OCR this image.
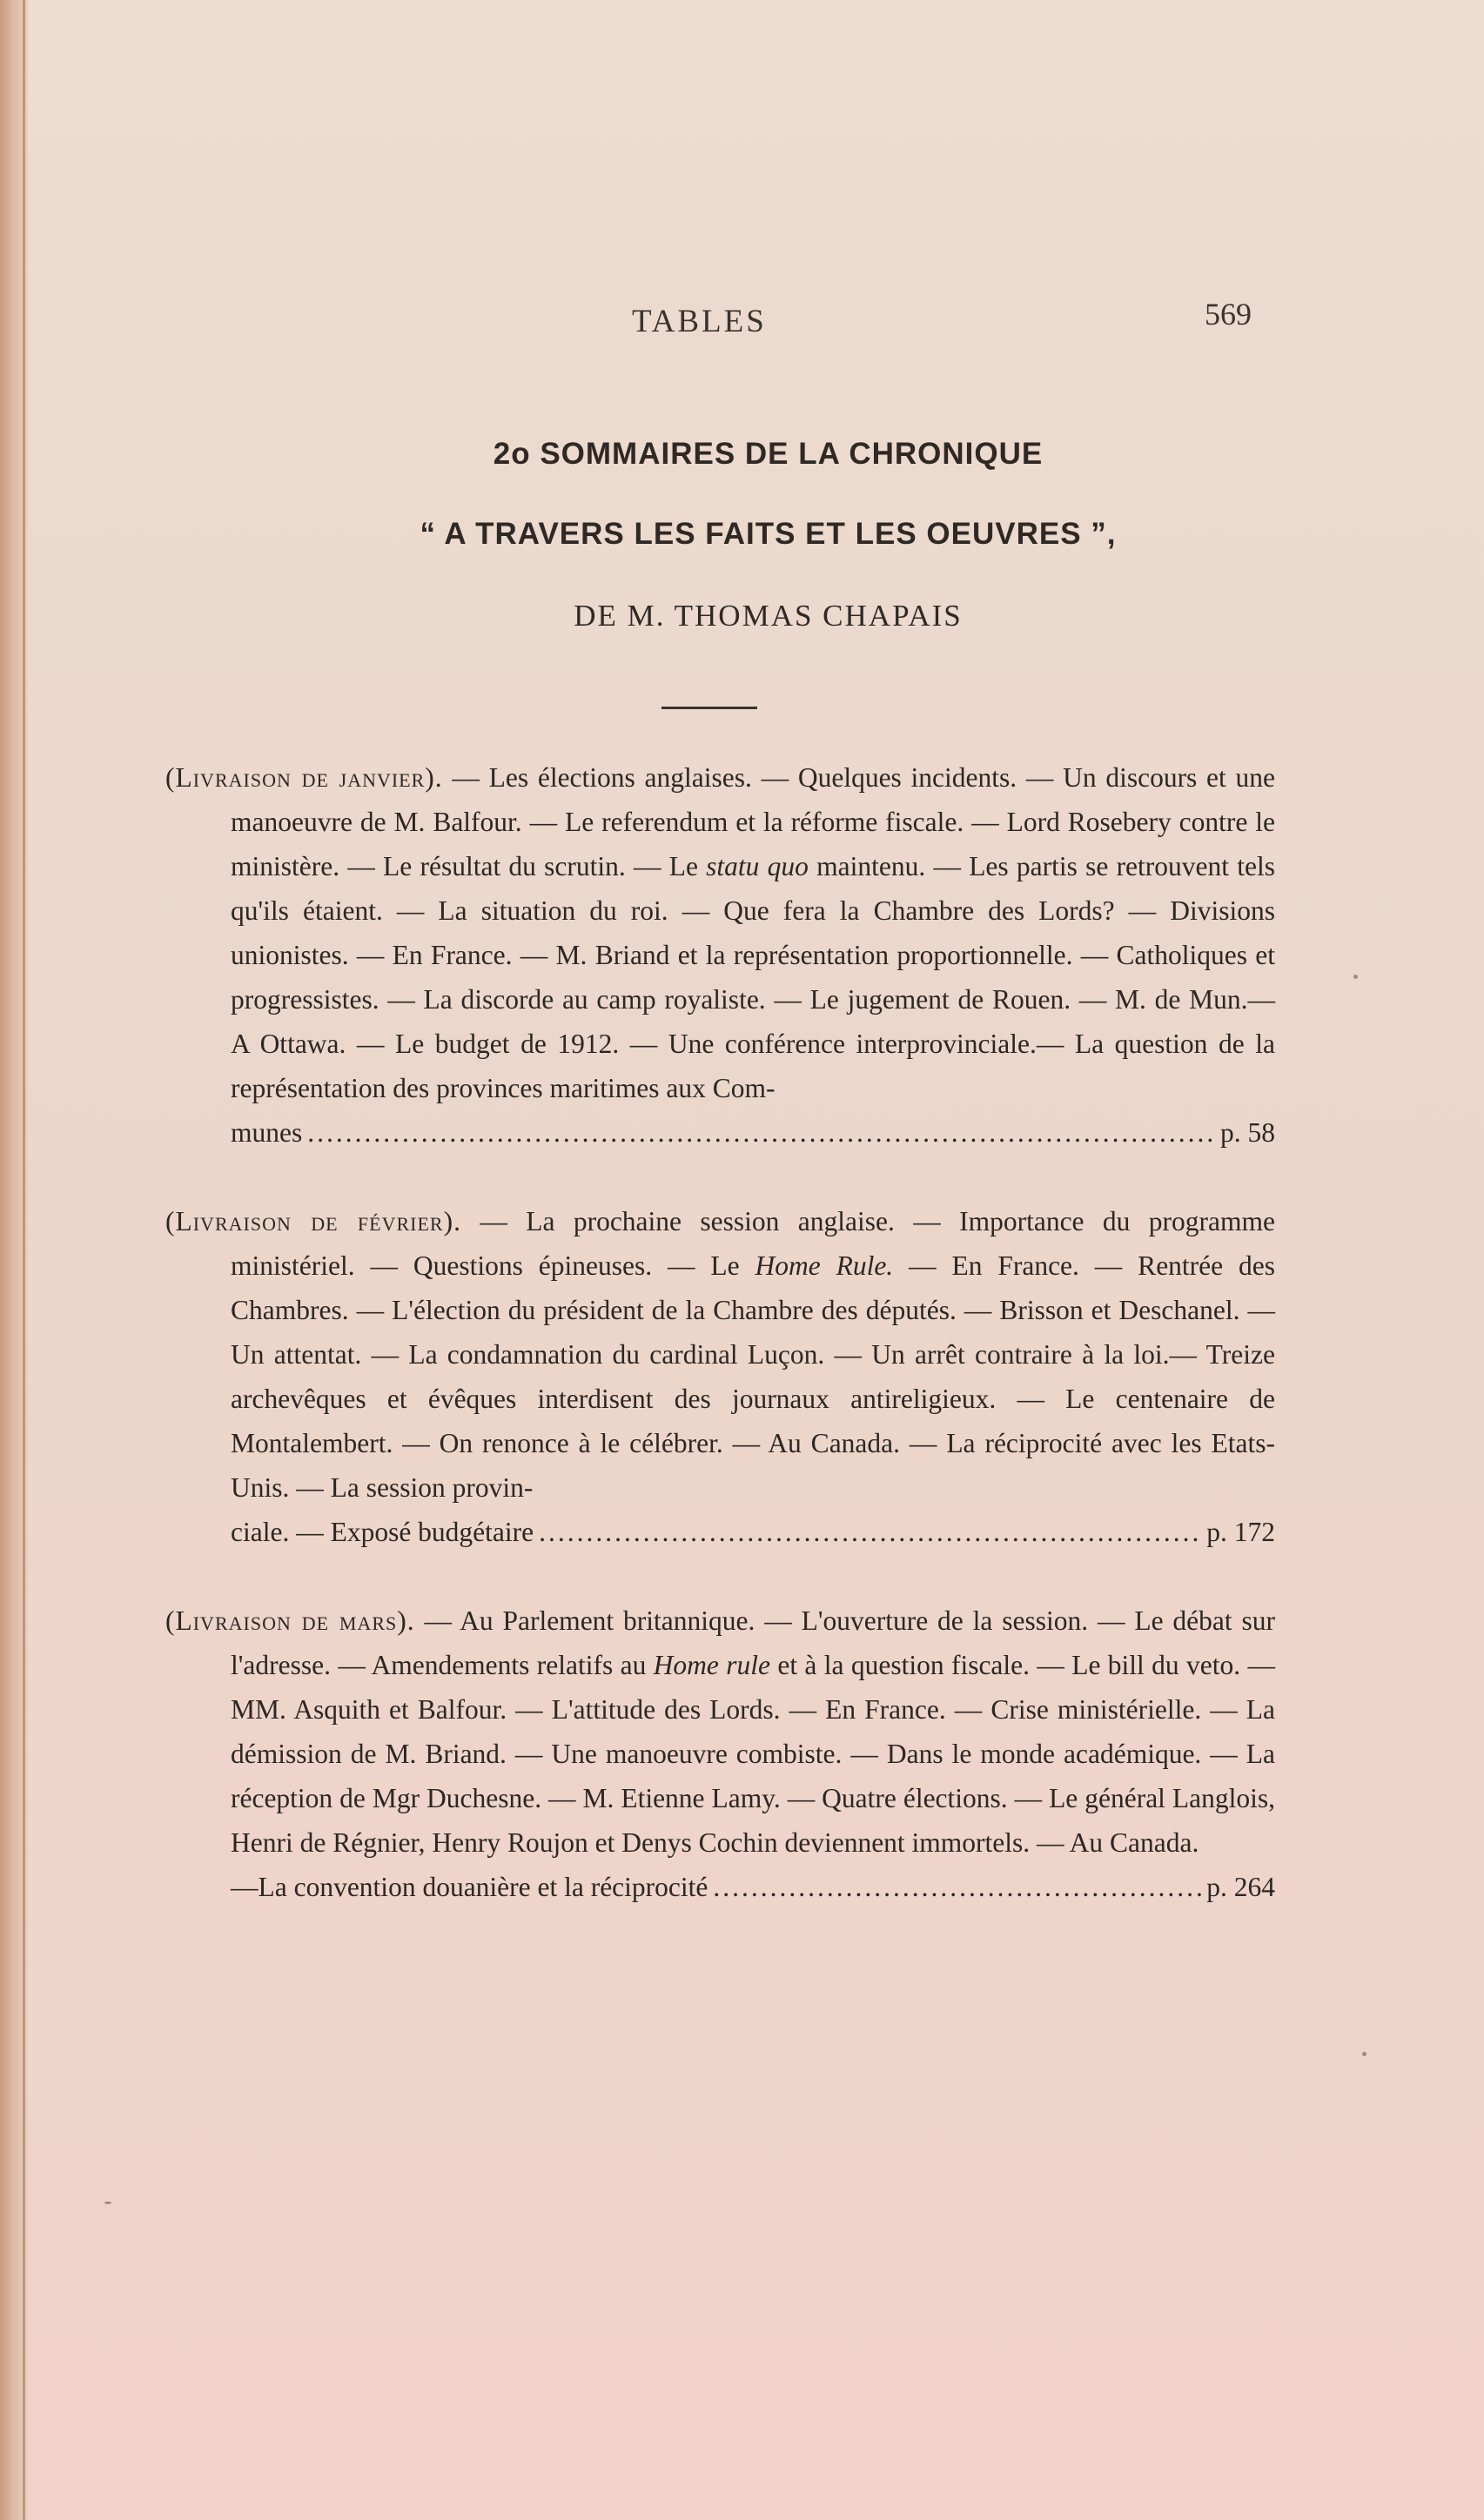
TABLES	569
2o SOMMAIRES DE LA CHRONIQUE
“ A TRAVERS LES FAITS ET LES OEUVRES ”,
DE M. THOMAS CHAPAIS
(Livraison de janvier). — Les élections anglaises. — Quelques incidents. — Un discours et une manoeuvre de M. Balfour. — Le referendum et la réforme fiscale. — Lord Rosebery contre le ministère. — Le résultat du scrutin. — Le statu quo maintenu. — Les partis se retrouvent tels qu'ils étaient. — La situation du roi. — Que fera la Chambre des Lords? — Divisions unionistes. — En France. — M. Briand et la représentation proportionnelle. — Catholiques et progressistes. — La discorde au camp royaliste. — Le jugement de Rouen. — M. de Mun.— A Ottawa. — Le budget de 1912. — Une conférence interprovinciale.— La question de la représentation des provinces maritimes aux Com-
munes .....	p. 58
(Livraison de février). — La prochaine session anglaise. — Importance du programme ministériel. — Questions épineuses. — Le Home Rule. — En France. — Rentrée des Chambres. — L'élection du président de la Chambre des députés. — Brisson et Deschanel. — Un attentat. — La condamnation du cardinal Luçon. — Un arrêt contraire à la loi.— Treize archevêques et évêques interdisent des journaux antireligieux. — Le centenaire de Montalembert. — On renonce à le célébrer. — Au Canada. — La réciprocité avec les Etats-Unis. — La session provin-
ciale. — Exposé budgétaire .....	p. 172
(Livraison de mars). — Au Parlement britannique. — L'ouverture de la session. — Le débat sur l'adresse. — Amendements relatifs au Home rule et à la question fiscale. — Le bill du veto. — MM. Asquith et Balfour. — L'attitude des Lords. — En France. — Crise ministérielle. — La démission de M. Briand. — Une manoeuvre combiste. — Dans le monde académique. — La réception de Mgr Duchesne. — M. Etienne Lamy. — Quatre élections. — Le général Langlois, Henri de Régnier, Henry Roujon et Denys Cochin deviennent immortels. — Au Canada.
—La convention douanière et la réciprocité .....	p. 264
